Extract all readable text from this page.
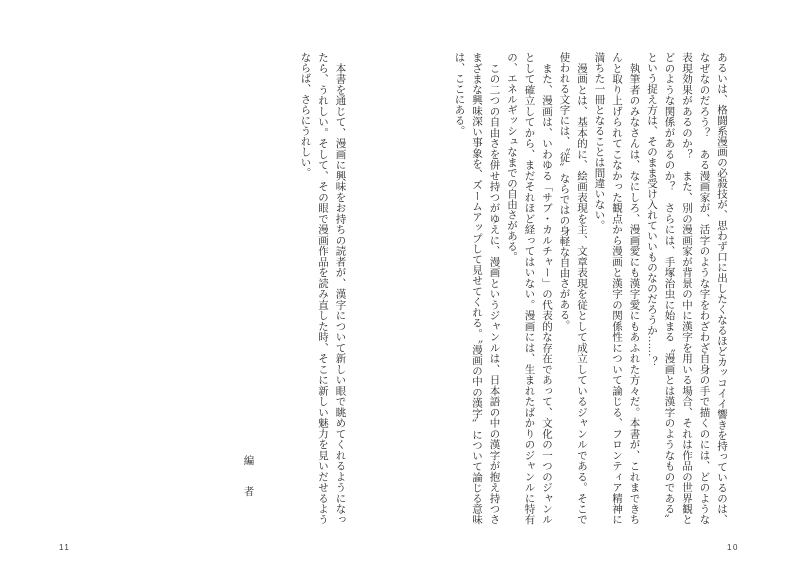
　本書を通じて、漫画に興味をお持ちの読者が、漢字について新しい眼で眺めてくれるようになっ
たら、うれしい。そして、その眼で漫画作品を読み直した時、そこに新しい魅力を見いだせるよう
ならば、さらにうれしい。
編　者
11
あるいは、格闘系漫画の必殺技が、思わず口に出したくなるほどカッコイイ響きを持っているのは、
なぜなのだろう？　ある漫画家が、活字のような字をわざわざ自身の手で描くのには、どのような
表現効果があるのか？　また、別の漫画家が背景の中に漢字を用いる場合、それは作品の世界観と
どのような関係があるのか？　さらには、手塚治虫に始まる〝漫画とは漢字のようなものである〟
という捉え方は、そのまま受け入れていいものなのだろうか……？
　執筆者のみなさんは、なにしろ、漫画愛にも漢字愛にもあふれた方々だ。本書が、これまできち
んと取り上げられてこなかった観点から漫画と漢字の関係性について論じる、フロンティア精神に
満ちた一冊となることは間違いない。
　漫画とは、基本的に、絵画表現を主、文章表現を従として成立しているジャンルである。そこで
使われる文字には、〝従〟ならではの身軽な自由さがある。
　また、漫画は、いわゆる「サブ・カルチャー」の代表的な存在であって、文化の一つのジャンル
として確立してから、まだそれほど経ってはいない。漫画には、生まれたばかりのジャンルに特有
の、エネルギッシュなまでの自由さがある。
　この二つの自由さを併せ持つがゆえに、漫画というジャンルは、日本語の中の漢字が抱え持つさ
まざまな興味深い事象を、ズームアップして見せてくれる。〝漫画の中の漢字〟について論じる意味
は、ここにある。
10
